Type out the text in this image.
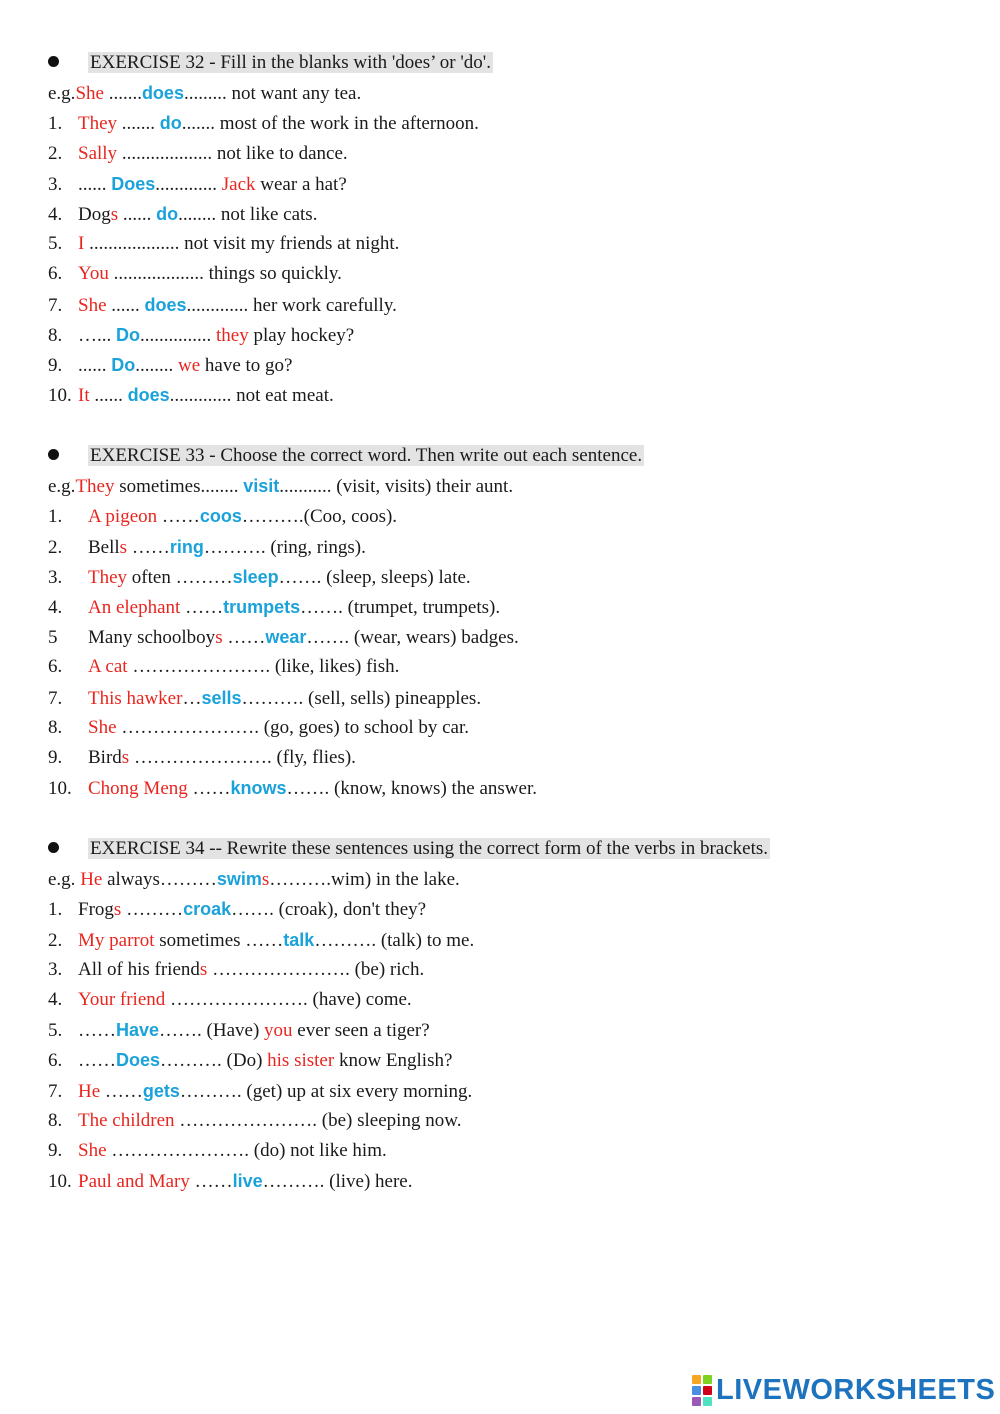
EXERCISE 32 - Fill in the blanks with 'does’ or 'do'.
e.g.She .......does......... not want any tea.
1. They ....... do....... most of the work in the afternoon.
2. Sally ................... not like to dance.
3. ...... Does............. Jack wear a hat?
4. Dogs ...... do........ not like cats.
5. I ................... not visit my friends at night.
6. You ................... things so quickly.
7. She ...... does............. her work carefully.
8. …... Do............... they play hockey?
9. ...... Do........ we have to go?
10. It ...... does............. not eat meat.
EXERCISE 33 - Choose the correct word. Then write out each sentence.
e.g.They sometimes........ visit........... (visit, visits) their aunt.
1. A pigeon ……coos……….(Coo, coos).
2. Bells ……ring………. (ring, rings).
3. They often ………sleep……. (sleep, sleeps) late.
4. An elephant ……trumpets……. (trumpet, trumpets).
5 Many schoolboys ……wear……. (wear, wears) badges.
6. A cat …………………. (like, likes) fish.
7. This hawker…sells………. (sell, sells) pineapples.
8. She …………………. (go, goes) to school by car.
9. Birds …………………. (fly, flies).
10. Chong Meng ……knows……. (know, knows) the answer.
EXERCISE 34 -- Rewrite these sentences using the correct form of the verbs in brackets.
e.g. He always………swims……….wim) in the lake.
1. Frogs ………croak……. (croak), don't they?
2. My parrot sometimes ……talk………. (talk) to me.
3. All of his friends …………………. (be) rich.
4. Your friend …………………. (have) come.
5. ……Have……. (Have) you ever seen a tiger?
6. ……Does………. (Do) his sister know English?
7. He ……gets………. (get) up at six every morning.
8. The children …………………. (be) sleeping now.
9. She …………………. (do) not like him.
10. Paul and Mary ……live………. (live) here.
LIVEWORKSHEETS
